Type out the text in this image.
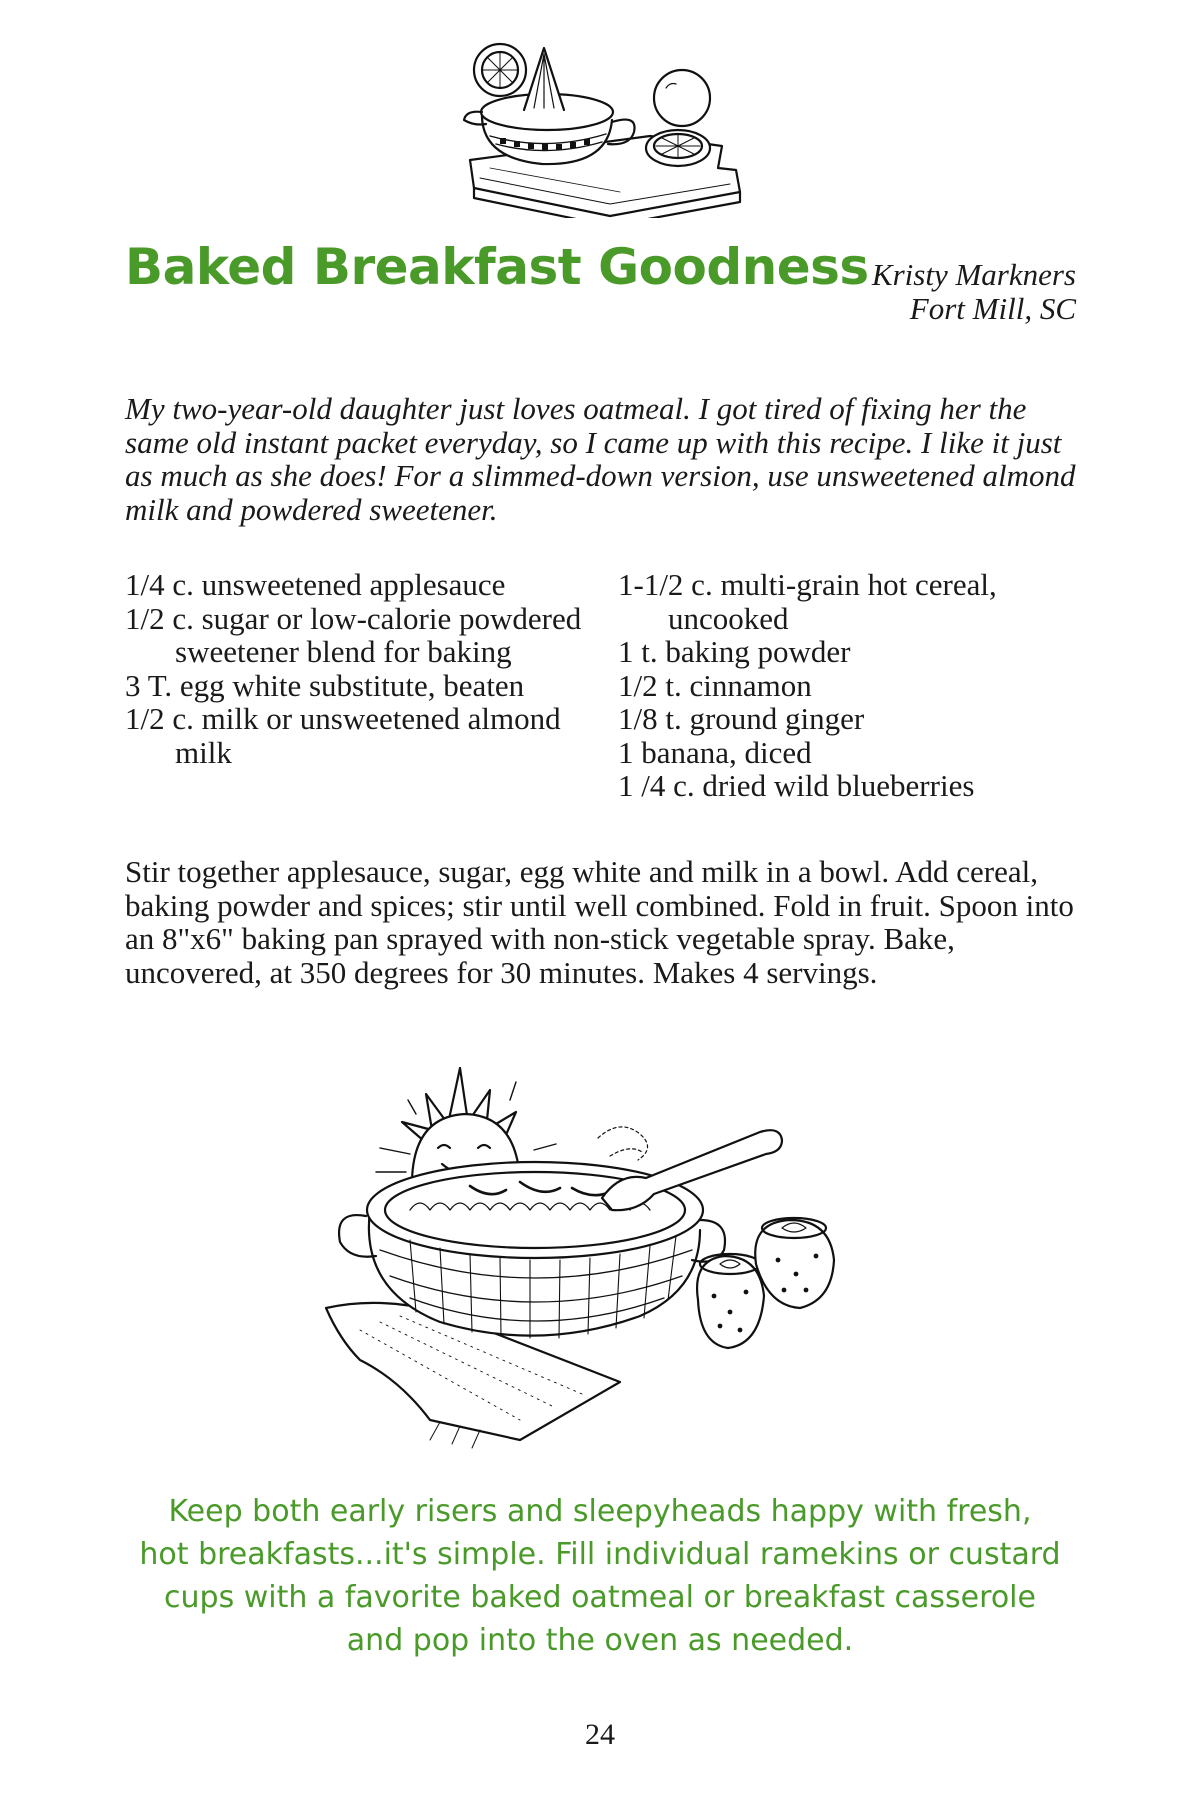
Baked Breakfast Goodness Kristy Markners
Fort Mill, SC

My two-year-old daughter just loves oatmeal. I got tired of fixing her the same old instant packet everyday, so I came up with this recipe. I like it just as much as she does! For a slimmed-down version, use unsweetened almond milk and powdered sweetener.

1/4 c. unsweetened applesauce
1/2 c. sugar or low-calorie powdered sweetener blend for baking
3 T. egg white substitute, beaten
1/2 c. milk or unsweetened almond milk
1-1/2 c. multi-grain hot cereal, uncooked
1 t. baking powder
1/2 t. cinnamon
1/8 t. ground ginger
1 banana, diced
1 /4 c. dried wild blueberries

Stir together applesauce, sugar, egg white and milk in a bowl. Add cereal, baking powder and spices; stir until well combined. Fold in fruit. Spoon into an 8"x6" baking pan sprayed with non-stick vegetable spray. Bake, uncovered, at 350 degrees for 30 minutes. Makes 4 servings.

Keep both early risers and sleepyheads happy with fresh,
hot breakfasts...it's simple. Fill individual ramekins or custard
cups with a favorite baked oatmeal or breakfast casserole
and pop into the oven as needed.
24
